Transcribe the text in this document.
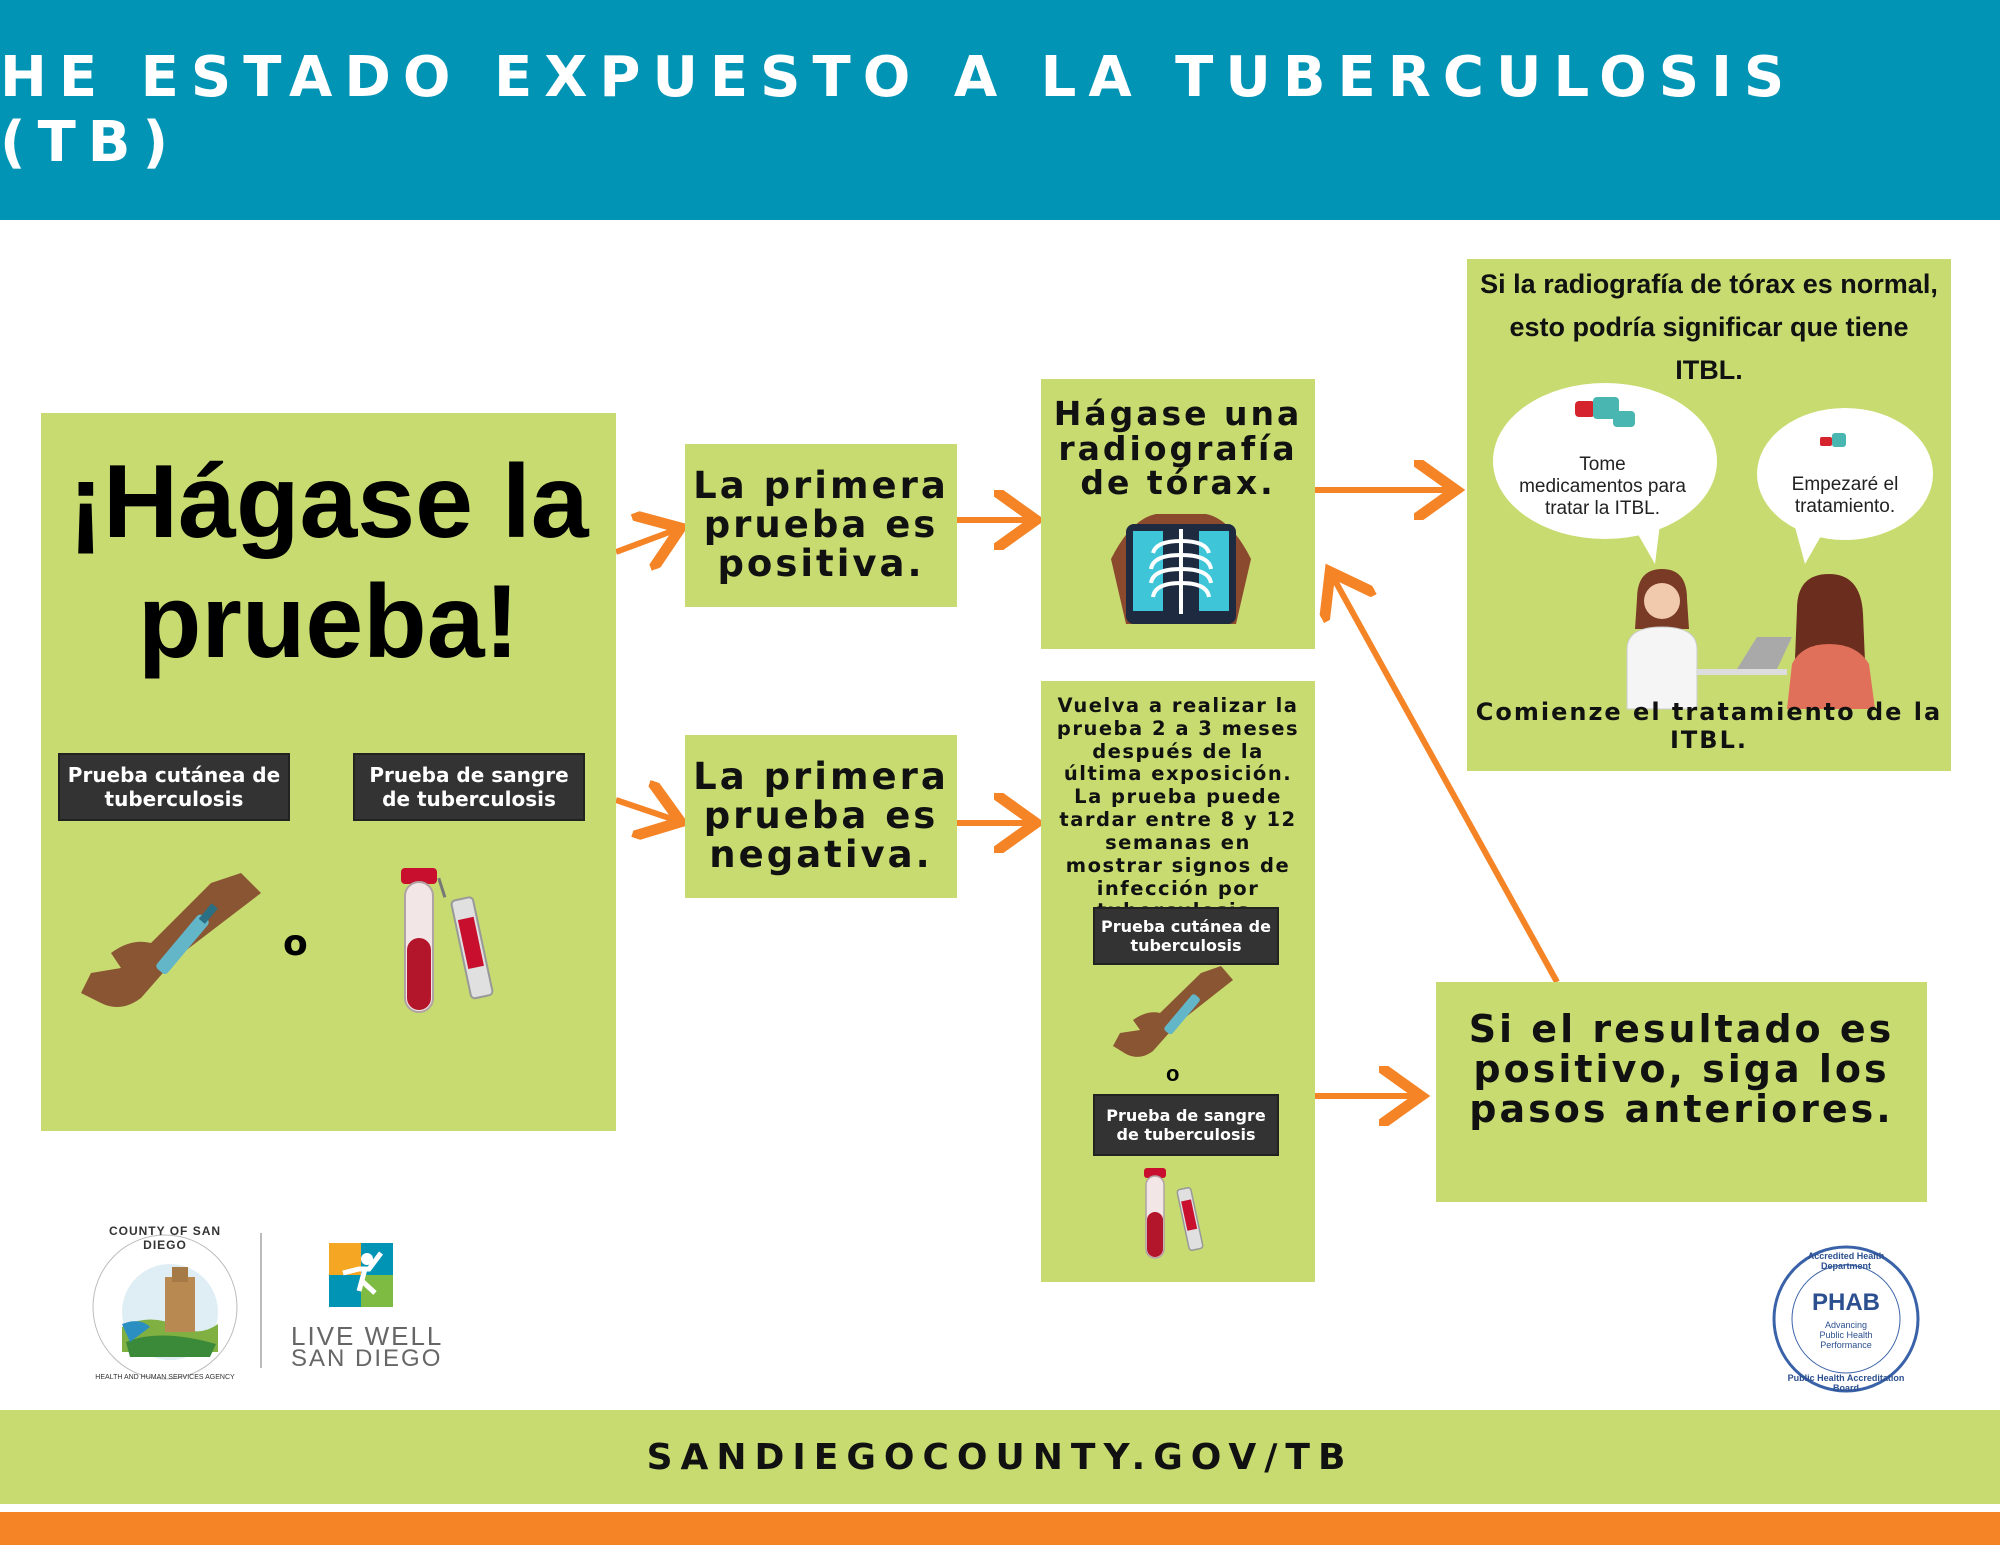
HE ESTADO EXPUESTO A LA TUBERCULOSIS (TB)
¡Hágase la prueba!
Prueba cutánea de tuberculosis
Prueba de sangre de tuberculosis
o
La primera prueba es positiva.
La primera prueba es negativa.
Hágase una radiografía de tórax.
Vuelva a realizar la prueba 2 a 3 meses después de la última exposición. La prueba puede tardar entre 8 y 12 semanas en mostrar signos de infección por
Prueba cutánea de tuberculosis
o
Prueba de sangre de tuberculosis
Si la radiografía de tórax es normal, esto podría significar que tiene ITBL.
Tome medicamentos para tratar la ITBL.
Empezaré el tratamiento.
Comienze el tratamiento de la ITBL.
Si el resultado es positivo, siga los pasos anteriores.
COUNTY OF SAN DIEGO
HEALTH AND HUMAN SERVICES AGENCY
LIVE WELL
SAN DIEGO
Accredited Health Department
PHAB
Advancing Public Health Performance
Public Health Accreditation Board
SANDIEGOCOUNTY.GOV/TB
